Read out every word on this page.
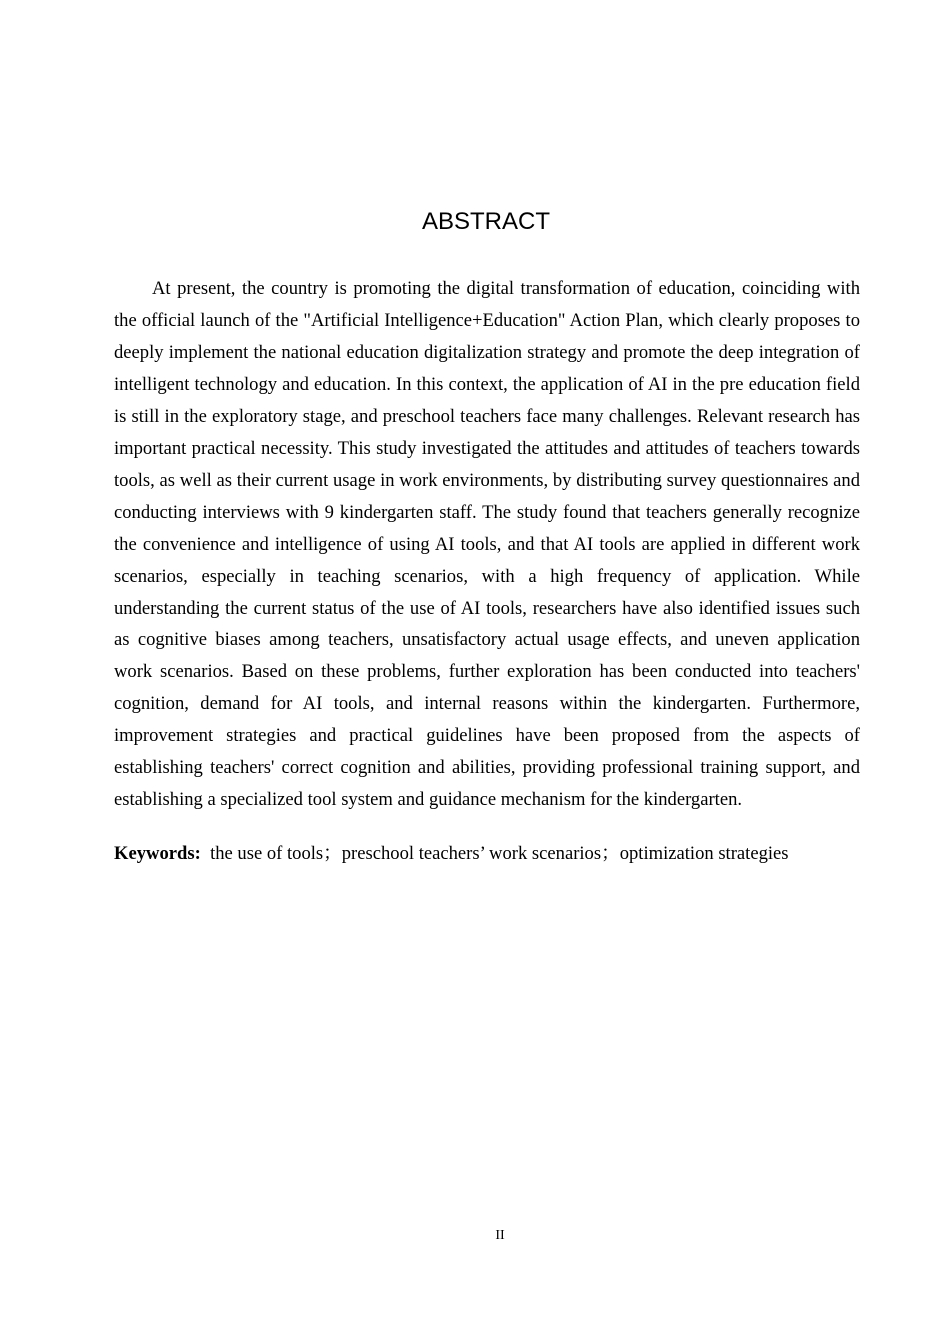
ABSTRACT

At present, the country is promoting the digital transformation of education, coinciding with the official launch of the "Artificial Intelligence+Education" Action Plan, which clearly proposes to deeply implement the national education digitalization strategy and promote the deep integration of intelligent technology and education. In this context, the application of AI in the pre education field is still in the exploratory stage, and preschool teachers face many challenges. Relevant research has important practical necessity. This study investigated the attitudes and attitudes of teachers towards tools, as well as their current usage in work environments, by distributing survey questionnaires and conducting interviews with 9 kindergarten staff. The study found that teachers generally recognize the convenience and intelligence of using AI tools, and that AI tools are applied in different work scenarios, especially in teaching scenarios, with a high frequency of application. While understanding the current status of the use of AI tools, researchers have also identified issues such as cognitive biases among teachers, unsatisfactory actual usage effects, and uneven application work scenarios. Based on these problems, further exploration has been conducted into teachers' cognition, demand for AI tools, and internal reasons within the kindergarten. Furthermore, improvement strategies and practical guidelines have been proposed from the aspects of establishing teachers' correct cognition and abilities, providing professional training support, and establishing a specialized tool system and guidance mechanism for the kindergarten.

Keywords: the use of tools；preschool teachers’ work scenarios；optimization strategies

II
